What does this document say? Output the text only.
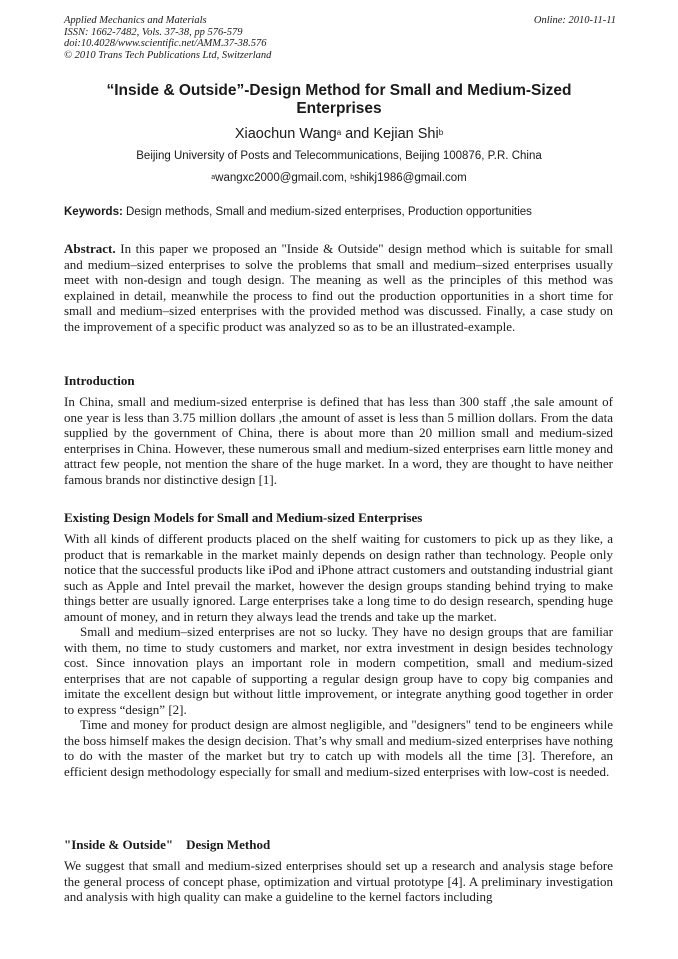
Applied Mechanics and Materials
ISSN: 1662-7482, Vols. 37-38, pp 576-579
doi:10.4028/www.scientific.net/AMM.37-38.576
© 2010 Trans Tech Publications Ltd, Switzerland
Online: 2010-11-11
“Inside & Outside”-Design Method for Small and Medium-Sized Enterprises
Xiaochun Wang$^a$ and Kejian Shi$^b$
Beijing University of Posts and Telecommunications, Beijing 100876, P.R. China
$^a$wangxc2000@gmail.com, $^b$shikj1986@gmail.com
Keywords: Design methods, Small and medium-sized enterprises, Production opportunities

Abstract. In this paper we proposed an "Inside & Outside" design method which is suitable for small and medium–sized enterprises to solve the problems that small and medium–sized enterprises usually meet with non-design and tough design. The meaning as well as the principles of this method was explained in detail, meanwhile the process to find out the production opportunities in a short time for small and medium–sized enterprises with the provided method was discussed. Finally, a case study on the improvement of a specific product was analyzed so as to be an illustrated-example.

Introduction

In China, small and medium-sized enterprise is defined that has less than 300 staff ,the sale amount of one year is less than 3.75 million dollars ,the amount of asset is less than 5 million dollars. From the data supplied by the government of China, there is about more than 20 million small and medium-sized enterprises in China. However, these numerous small and medium-sized enterprises earn little money and attract few people, not mention the share of the huge market. In a word, they are thought to have neither famous brands nor distinctive design [1].

Existing Design Models for Small and Medium-sized Enterprises

With all kinds of different products placed on the shelf waiting for customers to pick up as they like, a product that is remarkable in the market mainly depends on design rather than technology. People only notice that the successful products like iPod and iPhone attract customers and outstanding industrial giant such as Apple and Intel prevail the market, however the design groups standing behind trying to make things better are usually ignored. Large enterprises take a long time to do design research, spending huge amount of money, and in return they always lead the trends and take up the market.

Small and medium–sized enterprises are not so lucky. They have no design groups that are familiar with them, no time to study customers and market, nor extra investment in design besides technology cost. Since innovation plays an important role in modern competition, small and medium-sized enterprises that are not capable of supporting a regular design group have to copy big companies and imitate the excellent design but without little improvement, or integrate anything good together in order to express “design” [2].

Time and money for product design are almost negligible, and "designers" tend to be engineers while the boss himself makes the design decision. That’s why small and medium-sized enterprises have nothing to do with the master of the market but try to catch up with models all the time [3]. Therefore, an efficient design methodology especially for small and medium-sized enterprises with low-cost is needed.

"Inside & Outside"　Design Method

We suggest that small and medium-sized enterprises should set up a research and analysis stage before the general process of concept phase, optimization and virtual prototype [4]. A preliminary investigation and analysis with high quality can make a guideline to the kernel factors including
